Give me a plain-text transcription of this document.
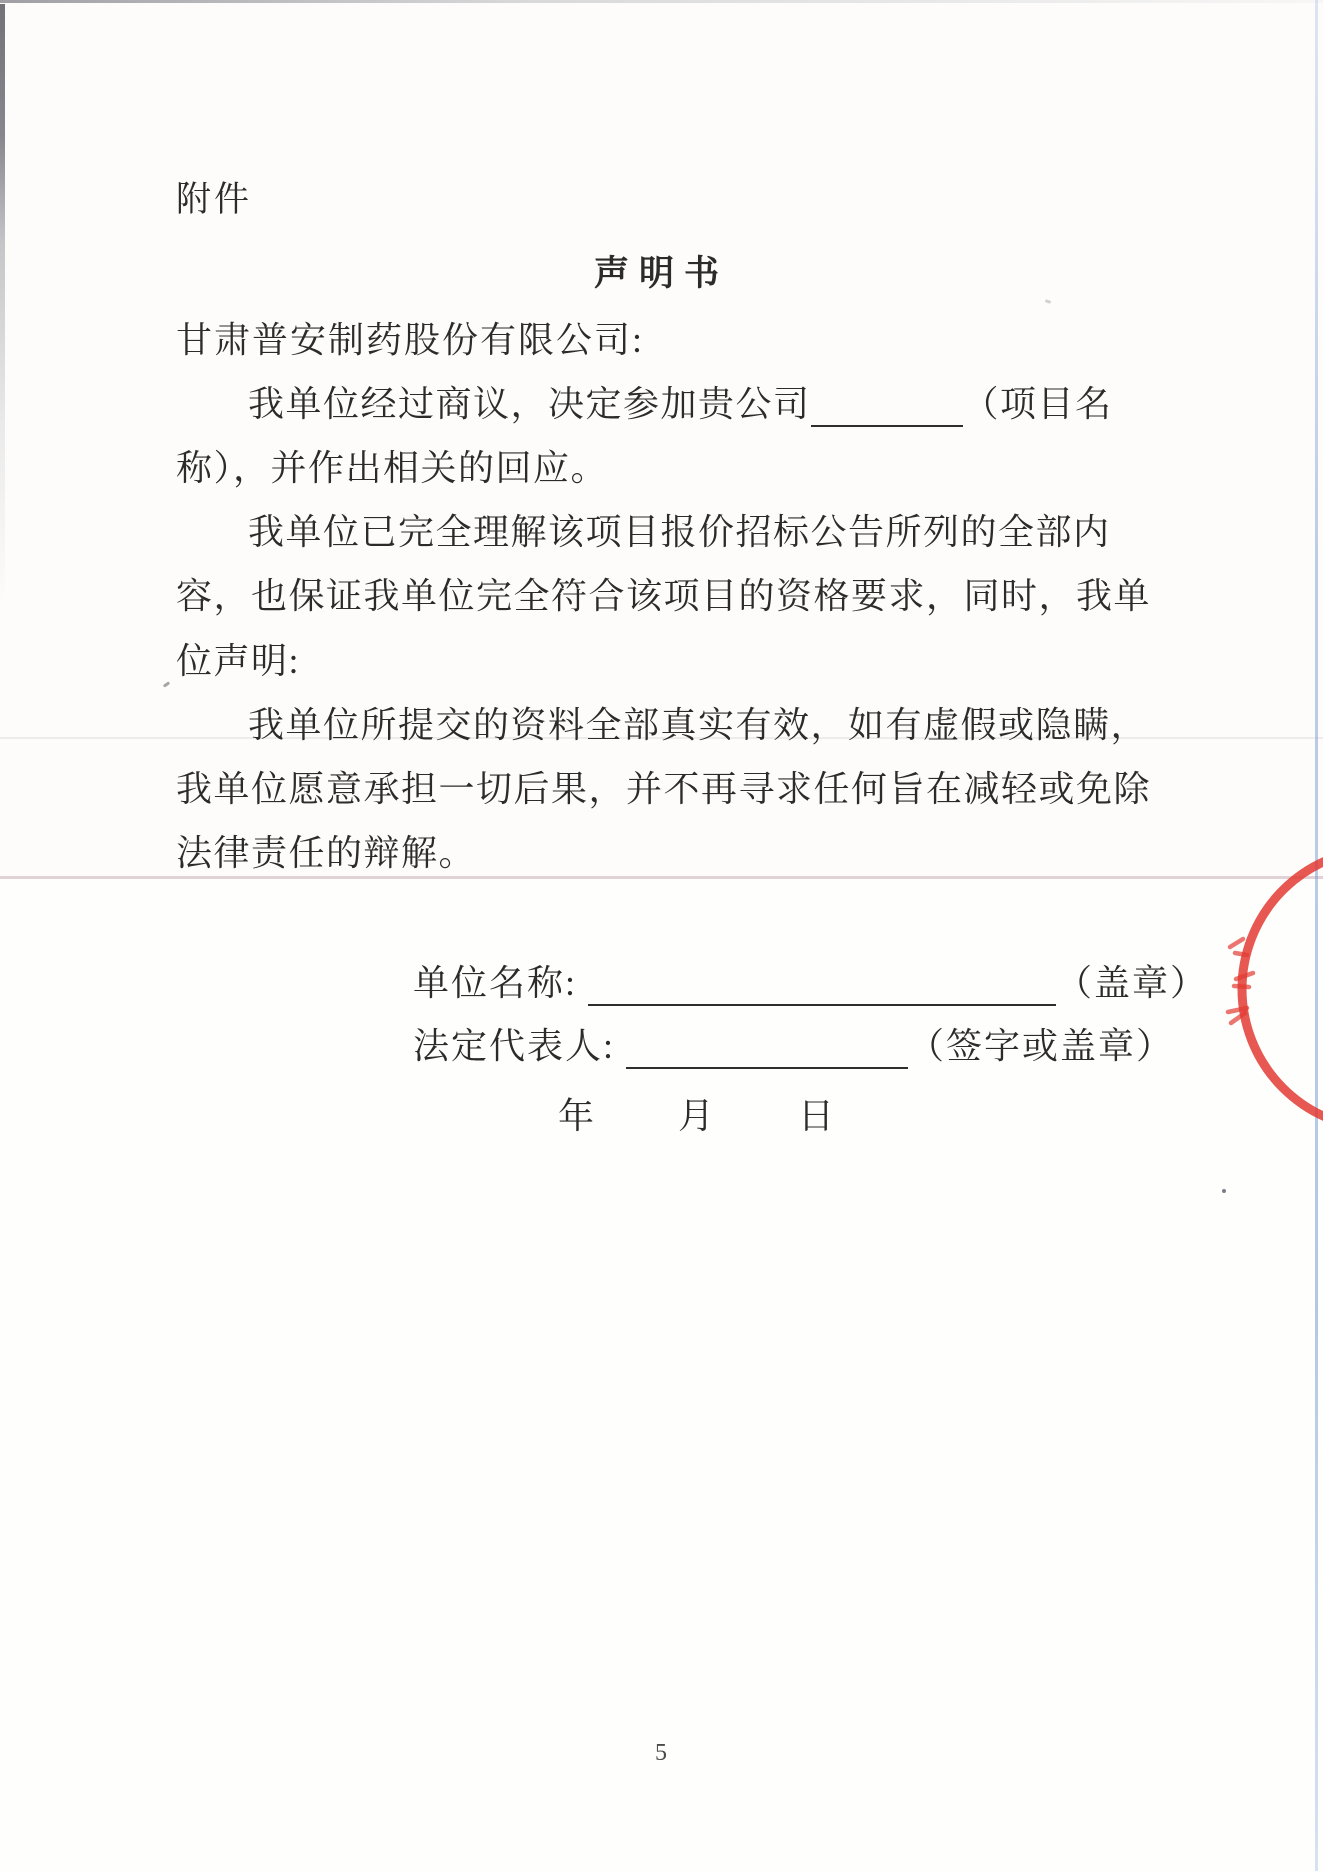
附件
声明书
甘肃普安制药股份有限公司:
我单位经过商议，决定参加贵公司	（项目名
称），并作出相关的回应。
我单位已完全理解该项目报价招标公告所列的全部内
容，也保证我单位完全符合该项目的资格要求，同时，我单
位声明:
我单位所提交的资料全部真实有效，如有虚假或隐瞒，
我单位愿意承担一切后果，并不再寻求任何旨在减轻或免除
法律责任的辩解。
单位名称:	（盖章）
法定代表人:	（签字或盖章）
年 月 日
5
